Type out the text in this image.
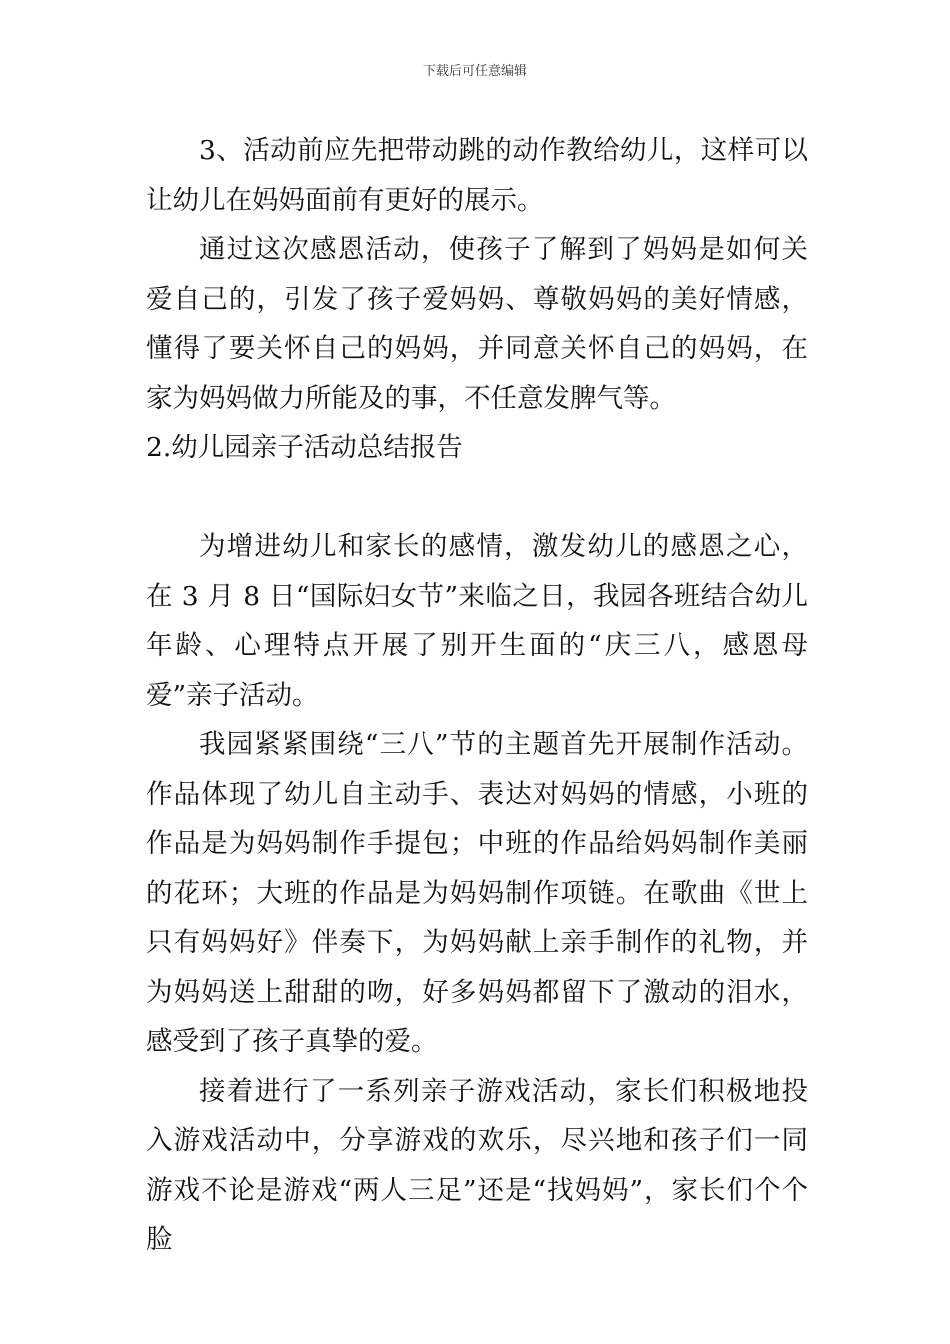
下载后可任意编辑

3、活动前应先把带动跳的动作教给幼儿，这样可以让幼儿在妈妈面前有更好的展示。

通过这次感恩活动，使孩子了解到了妈妈是如何关爱自己的，引发了孩子爱妈妈、尊敬妈妈的美好情感，懂得了要关怀自己的妈妈，并同意关怀自己的妈妈，在家为妈妈做力所能及的事，不任意发脾气等。

2.幼儿园亲子活动总结报告

为增进幼儿和家长的感情，激发幼儿的感恩之心，在 3 月 8 日“国际妇女节”来临之日，我园各班结合幼儿年龄、心理特点开展了别开生面的“庆三八，感恩母爱”亲子活动。

我园紧紧围绕“三八”节的主题首先开展制作活动。作品体现了幼儿自主动手、表达对妈妈的情感，小班的作品是为妈妈制作手提包；中班的作品给妈妈制作美丽的花环；大班的作品是为妈妈制作项链。在歌曲《世上只有妈妈好》伴奏下，为妈妈献上亲手制作的礼物，并为妈妈送上甜甜的吻，好多妈妈都留下了激动的泪水，感受到了孩子真挚的爱。

接着进行了一系列亲子游戏活动，家长们积极地投入游戏活动中，分享游戏的欢乐，尽兴地和孩子们一同游戏不论是游戏“两人三足”还是“找妈妈”，家长们个个脸
